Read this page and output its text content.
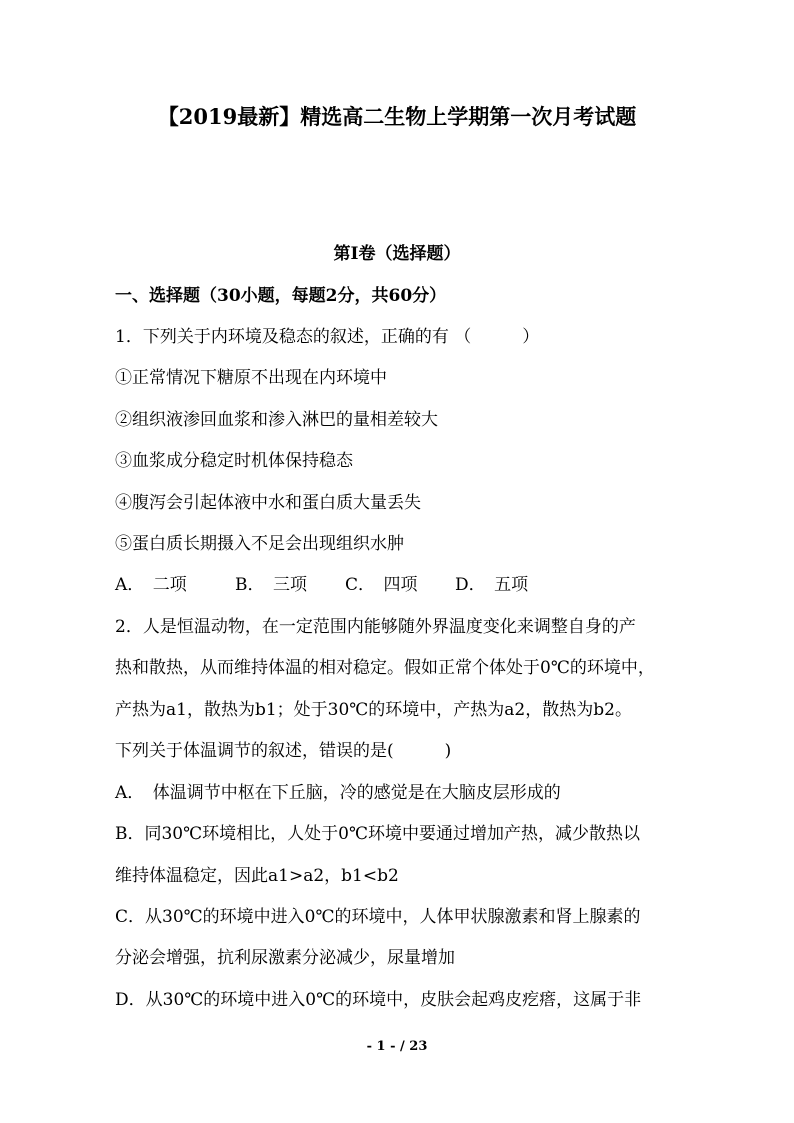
【2019最新】精选高二生物上学期第一次月考试题
第Ⅰ卷（选择题）
一、选择题（30小题，每题2分，共60分）
1．下列关于内环境及稳态的叙述，正确的有 （　　　）
①正常情况下糖原不出现在内环境中
②组织液渗回血浆和渗入淋巴的量相差较大
③血浆成分稳定时机体保持稳态
④腹泻会引起体液中水和蛋白质大量丢失
⑤蛋白质长期摄入不足会出现组织水肿
A．　二项	B．　三项 C．　四项 D．　五项
2．人是恒温动物，在一定范围内能够随外界温度变化来调整自身的产
热和散热，从而维持体温的相对稳定。假如正常个体处于0℃的环境中，
产热为a1，散热为b1；处于30℃的环境中，产热为a2，散热为b2。
下列关于体温调节的叙述，错误的是(　　　)
A．　体温调节中枢在下丘脑，冷的感觉是在大脑皮层形成的
B．同30℃环境相比，人处于0℃环境中要通过增加产热，减少散热以
维持体温稳定，因此a1>a2，b1<b2
C．从30℃的环境中进入0℃的环境中，人体甲状腺激素和肾上腺素的
分泌会增强，抗利尿激素分泌减少，尿量增加
D．从30℃的环境中进入0℃的环境中，皮肤会起鸡皮疙瘩，这属于非
- 1 - / 23
